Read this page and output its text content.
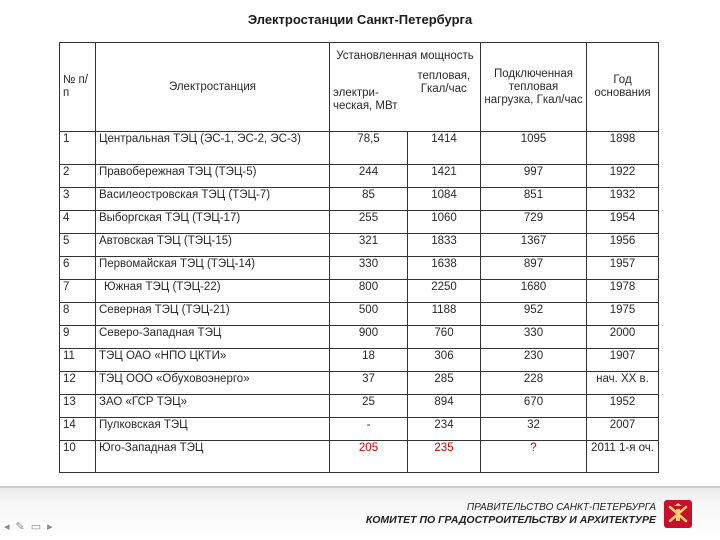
Электростанции Санкт-Петербурга
№ п/п	Электростанция	Установленная мощность		Подключенная тепловая нагрузка, Гкал/час	Год основания
		электри-ческая, МВт	тепловая, Гкал/час		
1	Центральная ТЭЦ (ЭС-1, ЭС-2, ЭС-3)	78,5	1414	1095	1898
2	Правобережная ТЭЦ (ТЭЦ-5)	244	1421	997	1922
3	Василеостровская ТЭЦ (ТЭЦ-7)	85	1084	851	1932
4	Выборгская ТЭЦ (ТЭЦ-17)	255	1060	729	1954
5	Автовская ТЭЦ (ТЭЦ-15)	321	1833	1367	1956
6	Первомайская ТЭЦ (ТЭЦ-14)	330	1638	897	1957
7	Южная ТЭЦ (ТЭЦ-22)	800	2250	1680	1978
8	Северная ТЭЦ (ТЭЦ-21)	500	1188	952	1975
9	Северо-Западная ТЭЦ	900	760	330	2000
11	ТЭЦ ОАО «НПО ЦКТИ»	18	306	230	1907
12	ТЭЦ ООО «Обуховоэнерго»	37	285	228	нач. XX в.
13	ЗАО «ГСР ТЭЦ»	25	894	670	1952
14	Пулковская ТЭЦ	-	234	32	2007
10	Юго-Западная ТЭЦ	205	235	?	2011 1-я оч.
ПРАВИТЕЛЬСТВО САНКТ-ПЕТЕРБУРГА
КОМИТЕТ ПО ГРАДОСТРОИТЕЛЬСТВУ И АРХИТЕКТУРЕ
◂ ✎ ▭ ▸
